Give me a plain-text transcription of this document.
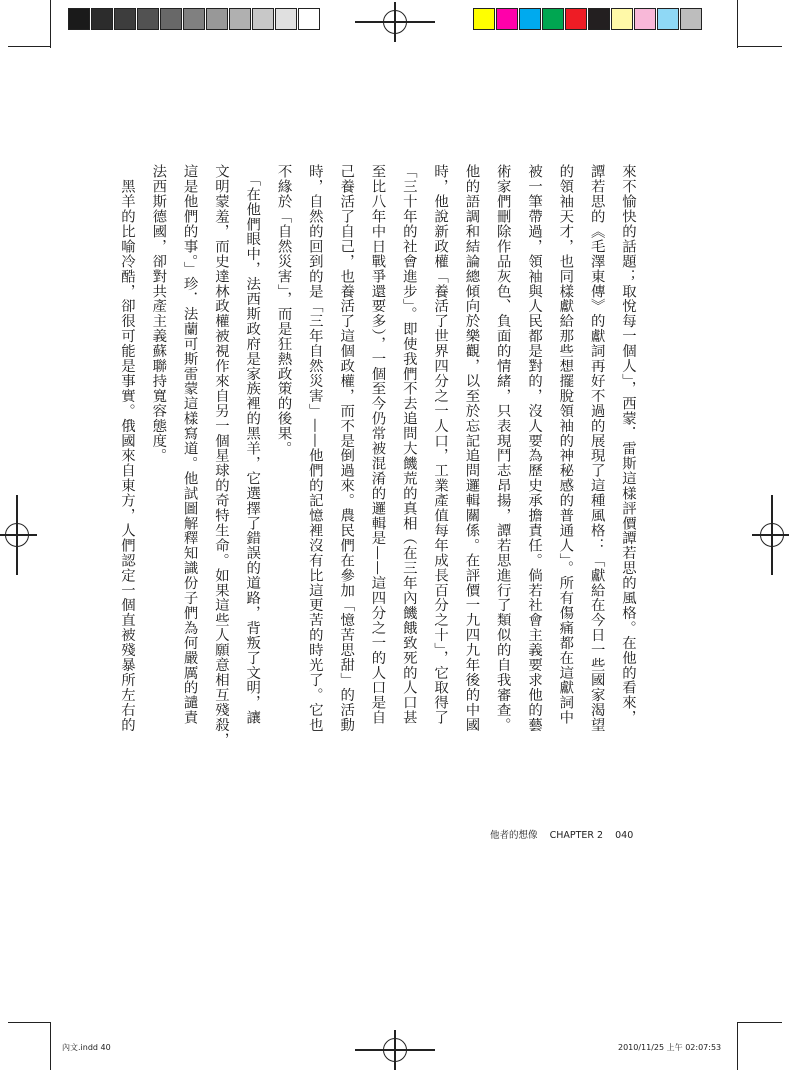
來不愉快的話題；取悅每一個人」，西蒙．雷斯這樣評價譚若思的風格。在他的看來，
譚若思的《毛澤東傳》的獻詞再好不過的展現了這種風格：「獻給在今日一些國家渴望
的領袖天才，也同樣獻給那些想擺脫領袖的神秘感的普通人」。所有傷痛都在這獻詞中
被一筆帶過，領袖與人民都是對的，沒人要為歷史承擔責任。倘若社會主義要求他的藝
術家們刪除作品灰色、負面的情緒，只表現鬥志昂揚，譚若思進行了類似的自我審查。
他的語調和結論總傾向於樂觀，以至於忘記追問邏輯關係。在評價一九四九年後的中國
時，他說新政權「養活了世界四分之一人口，工業產值每年成長百分之十」，它取得了
「三十年的社會進步」。即使我們不去追問大饑荒的真相（在三年內饑餓致死的人口甚
至比八年中日戰爭還要多），一個至今仍常被混淆的邏輯是——這四分之一的人口是自
己養活了自己，也養活了這個政權，而不是倒過來。農民們在參加「憶苦思甜」的活動
時，自然的回到的是「三年自然災害」——他們的記憶裡沒有比這更苦的時光了。它也
不緣於「自然災害」，而是狂熱政策的後果。
　「在他們眼中，法西斯政府是家族裡的黑羊，它選擇了錯誤的道路，背叛了文明，讓
文明蒙羞，而史達林政權被視作來自另一個星球的奇特生命。如果這些人願意相互殘殺，
這是他們的事。」珍．法蘭可斯雷蒙這樣寫道。他試圖解釋知識份子們為何嚴厲的譴責
法西斯德國，卻對共產主義蘇聯持寬容態度。
　黑羊的比喻冷酷，卻很可能是事實。俄國來自東方，人們認定一個直被殘暴所左右的
他者的想像 CHAPTER 2 040
內文.indd 40	2010/11/25 上午 02:07:53
